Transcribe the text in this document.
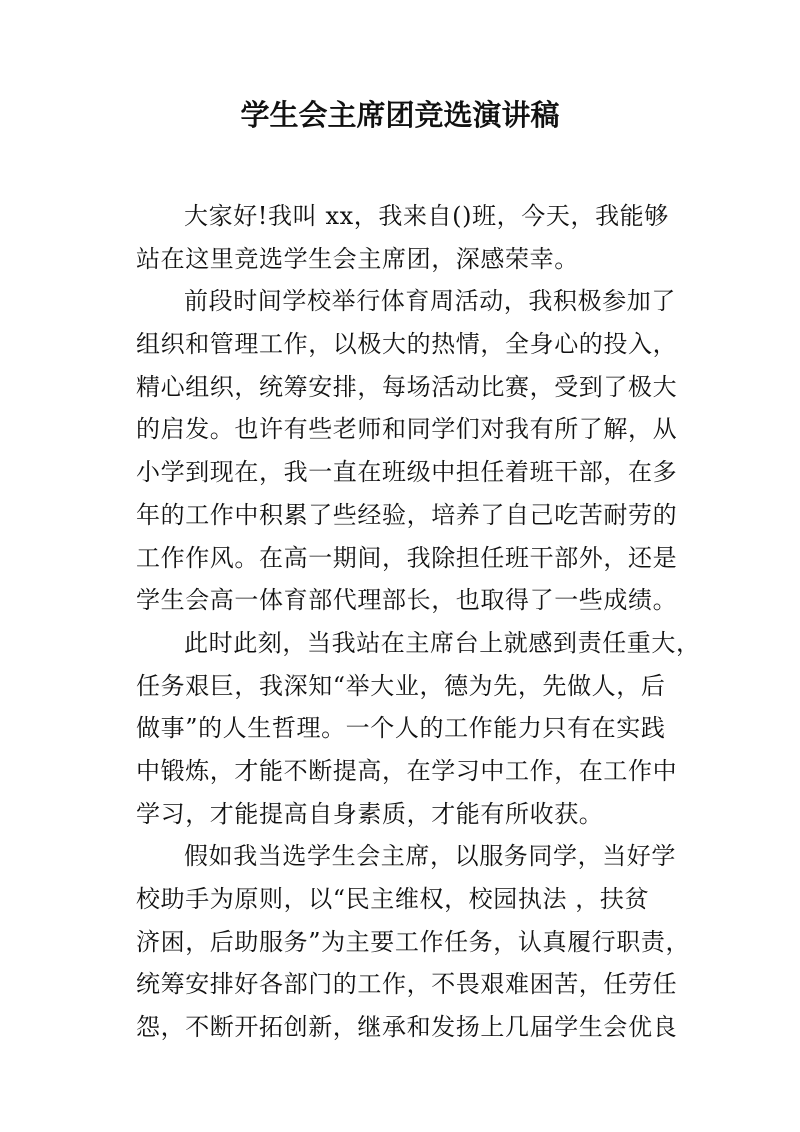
学生会主席团竞选演讲稿

大家好!我叫 xx，我来自()班，今天，我能够
站在这里竞选学生会主席团，深感荣幸。

前段时间学校举行体育周活动，我积极参加了
组织和管理工作，以极大的热情，全身心的投入，
精心组织，统筹安排，每场活动比赛，受到了极大
的启发。也许有些老师和同学们对我有所了解，从
小学到现在，我一直在班级中担任着班干部，在多
年的工作中积累了些经验，培养了自己吃苦耐劳的
工作作风。在高一期间，我除担任班干部外，还是
学生会高一体育部代理部长，也取得了一些成绩。

此时此刻，当我站在主席台上就感到责任重大，
任务艰巨，我深知“举大业，德为先，先做人，后
做事”的人生哲理。一个人的工作能力只有在实践
中锻炼，才能不断提高，在学习中工作，在工作中
学习，才能提高自身素质，才能有所收获。

假如我当选学生会主席，以服务同学，当好学
校助手为原则，以“民主维权，校园执法 ，扶贫
济困，后助服务”为主要工作任务，认真履行职责，
统筹安排好各部门的工作，不畏艰难困苦，任劳任
怨，不断开拓创新，继承和发扬上几届学生会优良
